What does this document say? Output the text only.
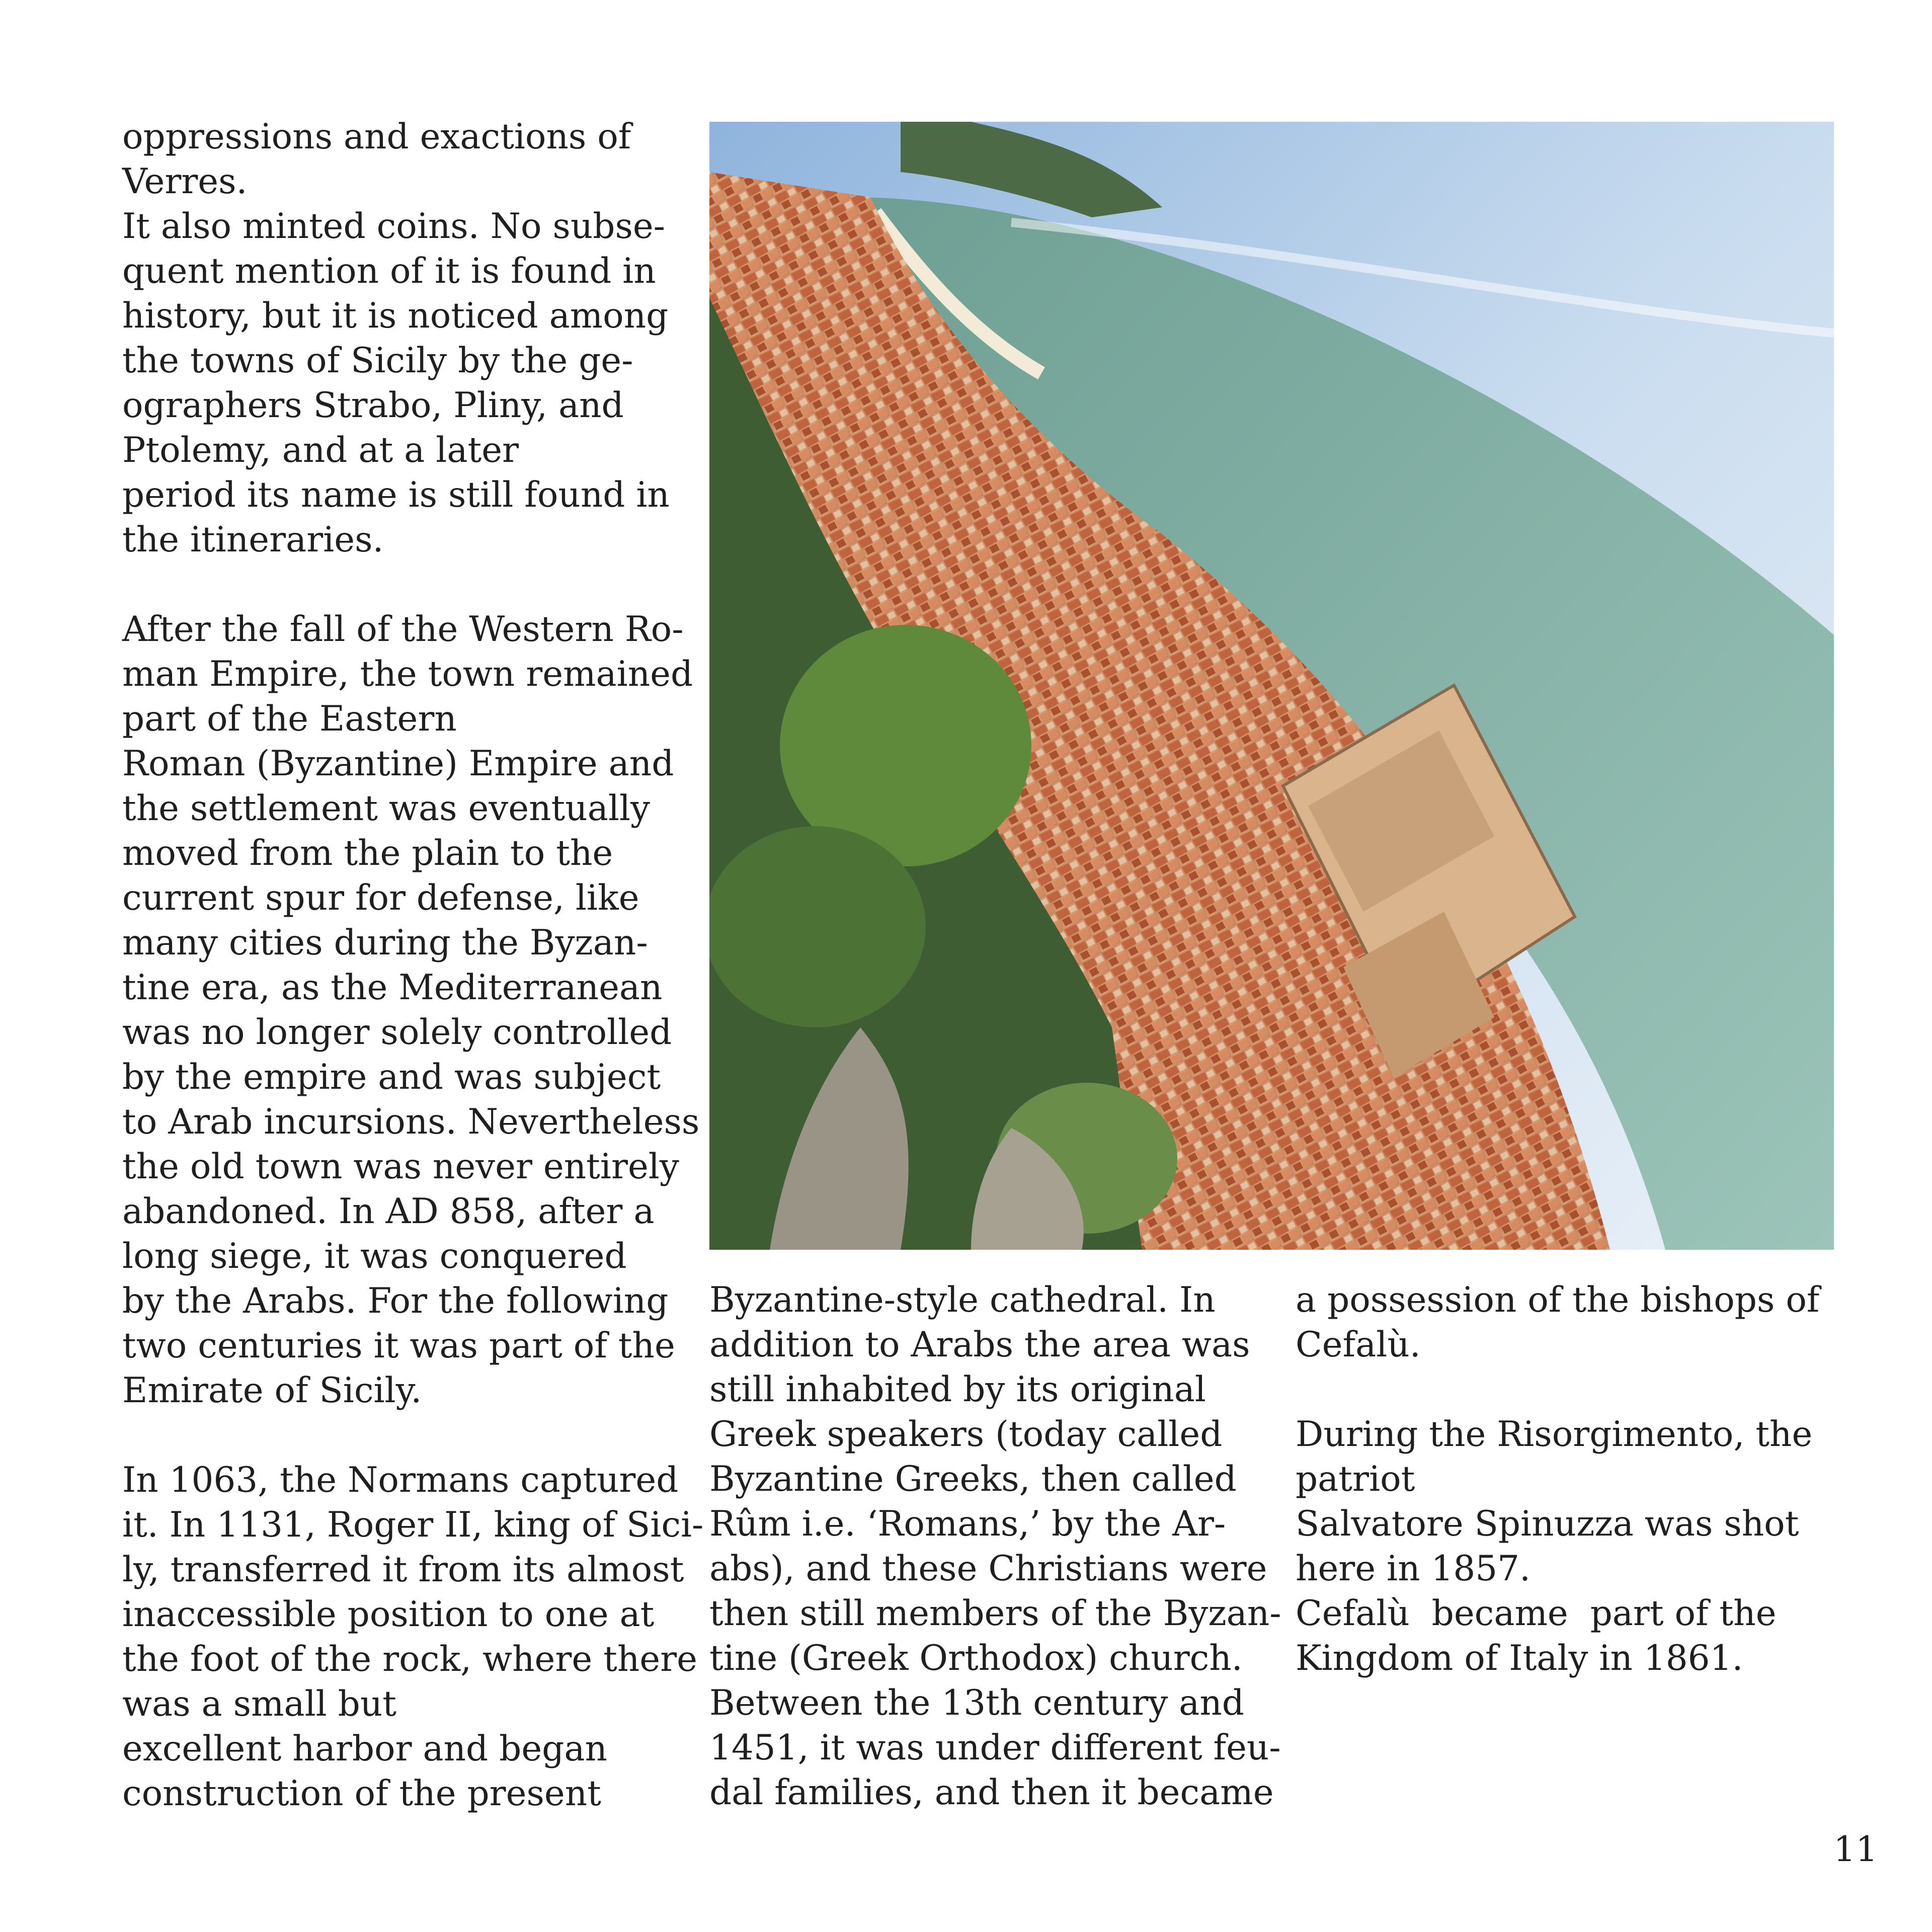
oppressions and exactions of
Verres.
It also minted coins. No subse-
quent mention of it is found in
history, but it is noticed among
the towns of Sicily by the ge-
ographers Strabo, Pliny, and
Ptolemy, and at a later
period its name is still found in
the itineraries.

After the fall of the Western Ro-
man Empire, the town remained
part of the Eastern
Roman (Byzantine) Empire and
the settlement was eventually
moved from the plain to the
current spur for defense, like
many cities during the Byzan-
tine era, as the Mediterranean
was no longer solely controlled
by the empire and was subject
to Arab incursions. Nevertheless
the old town was never entirely
abandoned. In AD 858, after a
long siege, it was conquered
by the Arabs. For the following
two centuries it was part of the
Emirate of Sicily.

In 1063, the Normans captured
it. In 1131, Roger II, king of Sici-
ly, transferred it from its almost
inaccessible position to one at
the foot of the rock, where there
was a small but
excellent harbor and began
construction of the present
Byzantine-style cathedral. In
addition to Arabs the area was
still inhabited by its original
Greek speakers (today called
Byzantine Greeks, then called
Rûm i.e. ‘Romans,’ by the Ar-
abs), and these Christians were
then still members of the Byzan-
tine (Greek Orthodox) church.
Between the 13th century and
1451, it was under different feu-
dal families, and then it became
a possession of the bishops of
Cefalù.

During the Risorgimento, the
patriot
Salvatore Spinuzza was shot
here in 1857.
Cefalù  became  part of the
Kingdom of Italy in 1861.
11
